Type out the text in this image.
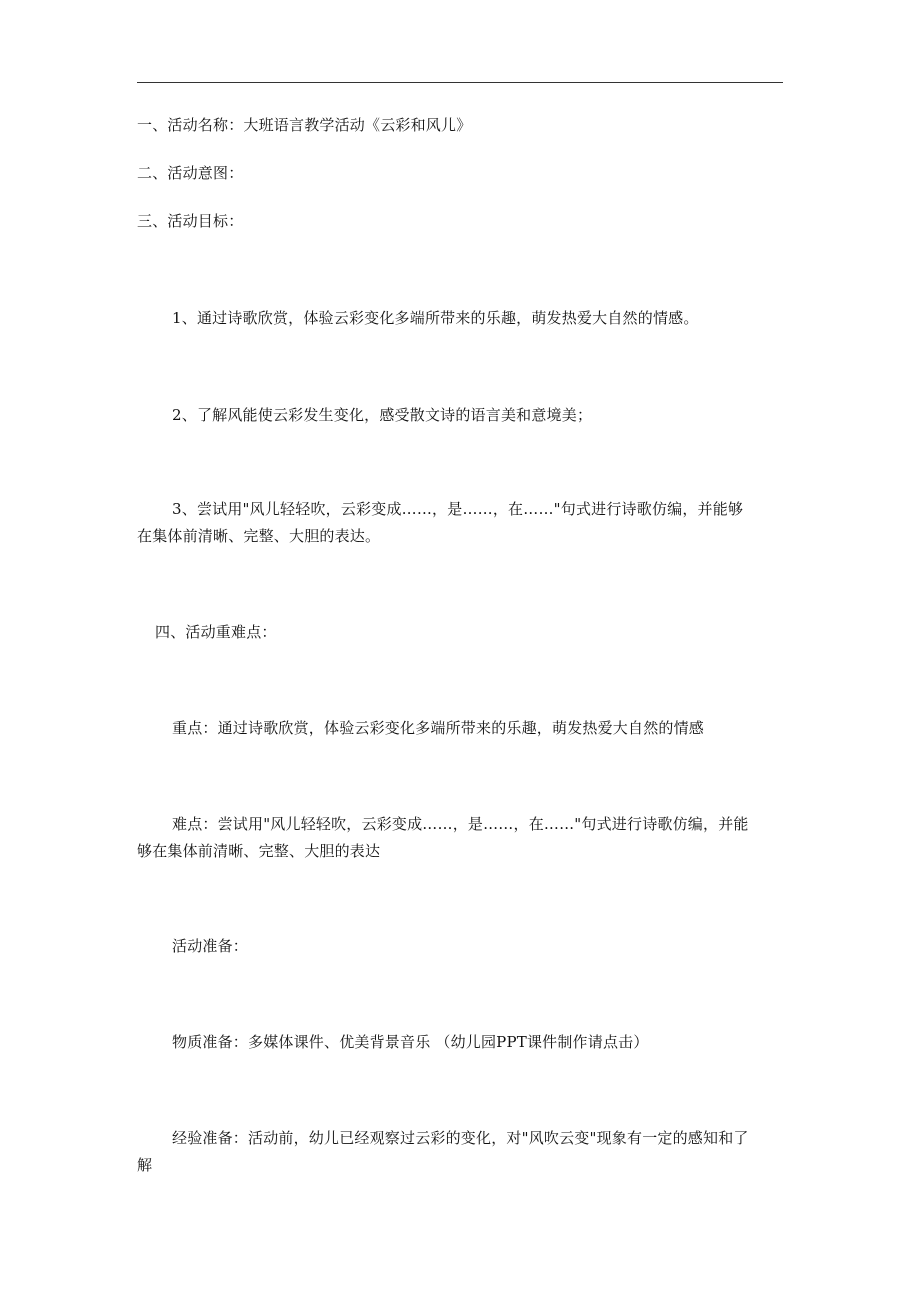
一、活动名称：大班语言教学活动《云彩和风儿》
二、活动意图：
三、活动目标：
1、通过诗歌欣赏，体验云彩变化多端所带来的乐趣，萌发热爱大自然的情感。
2、了解风能使云彩发生变化，感受散文诗的语言美和意境美；
3、尝试用"风儿轻轻吹，云彩变成……，是……，在……"句式进行诗歌仿编，并能够
在集体前清晰、完整、大胆的表达。
四、活动重难点：
重点：通过诗歌欣赏，体验云彩变化多端所带来的乐趣，萌发热爱大自然的情感
难点：尝试用"风儿轻轻吹，云彩变成……，是……，在……"句式进行诗歌仿编，并能
够在集体前清晰、完整、大胆的表达
活动准备：
物质准备：多媒体课件、优美背景音乐 （幼儿园PPT课件制作请点击）
经验准备：活动前，幼儿已经观察过云彩的变化，对"风吹云变"现象有一定的感知和了
解
